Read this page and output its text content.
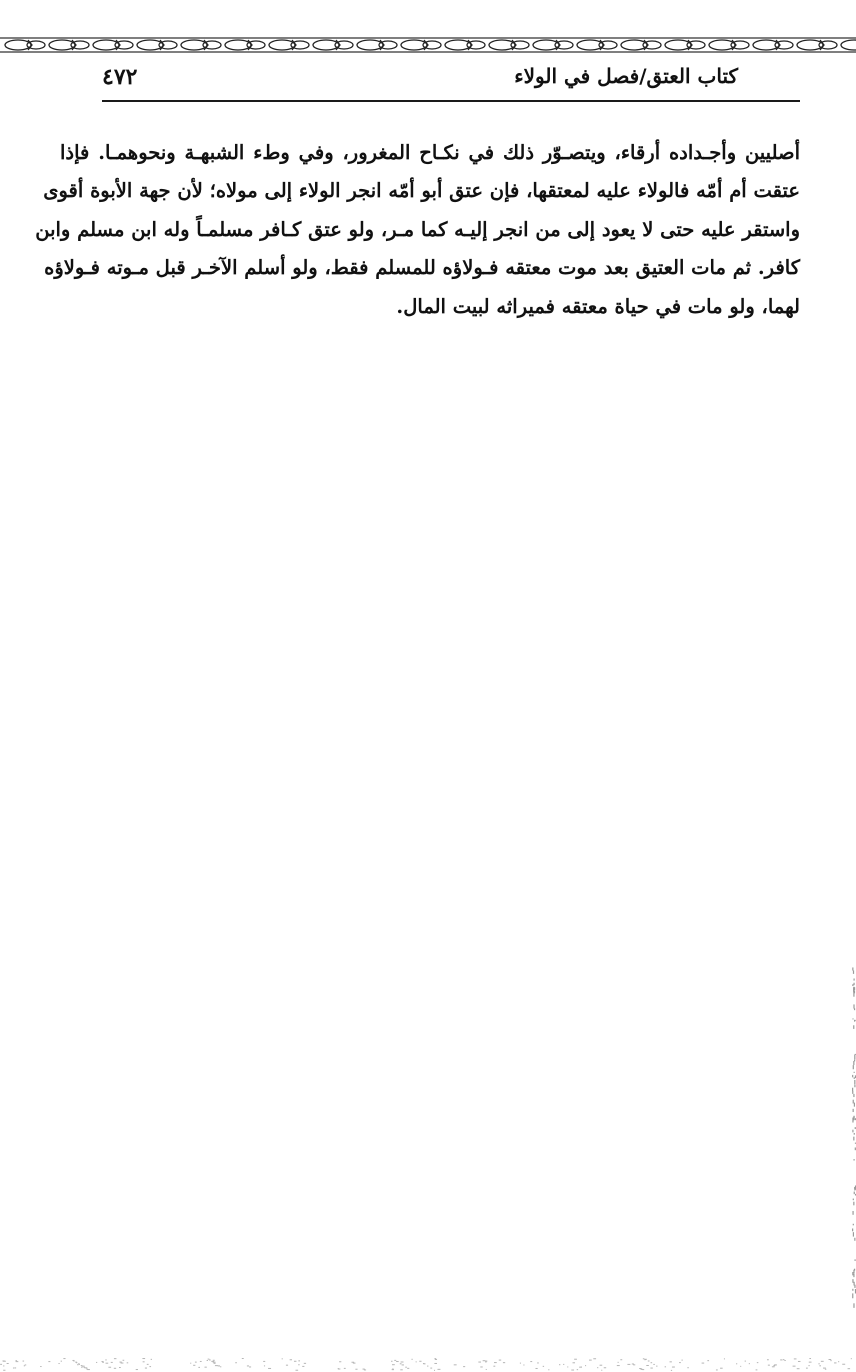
كتاب العتق/فصل في الولاء
٤٧٢
أصليين وأجـداده أرقاء، ويتصـوّر ذلك في نكـاح المغرور، وفي وطء الشبهـة ونحوهمـا. فإذا
عتقت أم أمّه فالولاء عليه لمعتقها، فإن عتق أبو أمّه انجر الولاء إلى مولاه؛ لأن جهة الأبوة أقوى
واستقر عليه حتى لا يعود إلى من انجر إليـه كما مـر، ولو عتق كـافر مسلمـاً وله ابن مسلم وابن
كافر. ثم مات العتيق بعد موت معتقه فـولاؤه للمسلم فقط، ولو أسلم الآخـر قبل مـوته فـولاؤه
لهما، ولو مات في حياة معتقه فميراثه لبيت المال.
